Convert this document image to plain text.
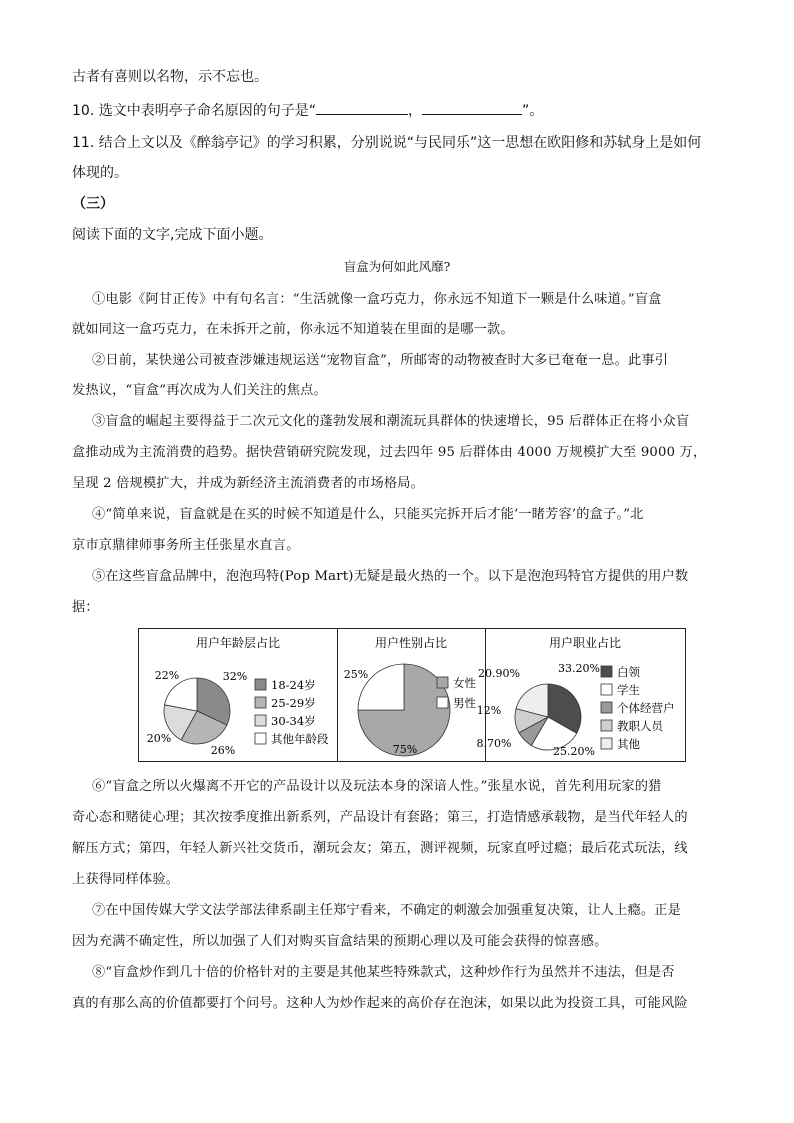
古者有喜则以名物，示不忘也。
10. 选文中表明亭子命名原因的句子是“	，	”。
11. 结合上文以及《醉翁亭记》的学习积累，分别说说“与民同乐”这一思想在欧阳修和苏轼身上是如何
体现的。
（三）
阅读下面的文字,完成下面小题。
盲盒为何如此风靡?
①电影《阿甘正传》中有句名言：“生活就像一盒巧克力，你永远不知道下一颗是什么味道。”盲盒
就如同这一盒巧克力，在未拆开之前，你永远不知道装在里面的是哪一款。
②日前，某快递公司被查涉嫌违规运送“宠物盲盒”，所邮寄的动物被查时大多已奄奄一息。此事引
发热议，“盲盒”再次成为人们关注的焦点。
③盲盒的崛起主要得益于二次元文化的蓬勃发展和潮流玩具群体的快速增长，95 后群体正在将小众盲
盒推动成为主流消费的趋势。据快营销研究院发现，过去四年 95 后群体由 4000 万规模扩大至 9000 万，
呈现 2 倍规模扩大，并成为新经济主流消费者的市场格局。
④“简单来说，盲盒就是在买的时候不知道是什么，只能买完拆开后才能‘一睹芳容’的盒子。”北
京市京鼎律师事务所主任张星水直言。
⑤在这些盲盒品牌中，泡泡玛特(Pop Mart)无疑是最火热的一个。以下是泡泡玛特官方提供的用户数
据：
用户年龄层占比
32%
26%
20%
22%
18-24岁
25-29岁
30-34岁
其他年龄段
用户性别占比
75%
25%
女性
男性
用户职业占比
33.20%
25.20%
8.70%
12%
20.90%	白领
学生
个体经营户
教职人员
其他
⑥“盲盒之所以火爆离不开它的产品设计以及玩法本身的深谙人性。”张星水说，首先利用玩家的猎
奇心态和赌徒心理；其次按季度推出新系列，产品设计有套路；第三，打造情感承载物，是当代年轻人的
解压方式；第四，年轻人新兴社交货币，潮玩会友；第五，测评视频，玩家直呼过瘾；最后花式玩法，线
上获得同样体验。
⑦在中国传媒大学文法学部法律系副主任郑宁看来，不确定的刺激会加强重复决策，让人上瘾。正是
因为充满不确定性，所以加强了人们对购买盲盒结果的预期心理以及可能会获得的惊喜感。
⑧“盲盒炒作到几十倍的价格针对的主要是其他某些特殊款式，这种炒作行为虽然并不违法，但是否
真的有那么高的价值都要打个问号。这种人为炒作起来的高价存在泡沫，如果以此为投资工具，可能风险
